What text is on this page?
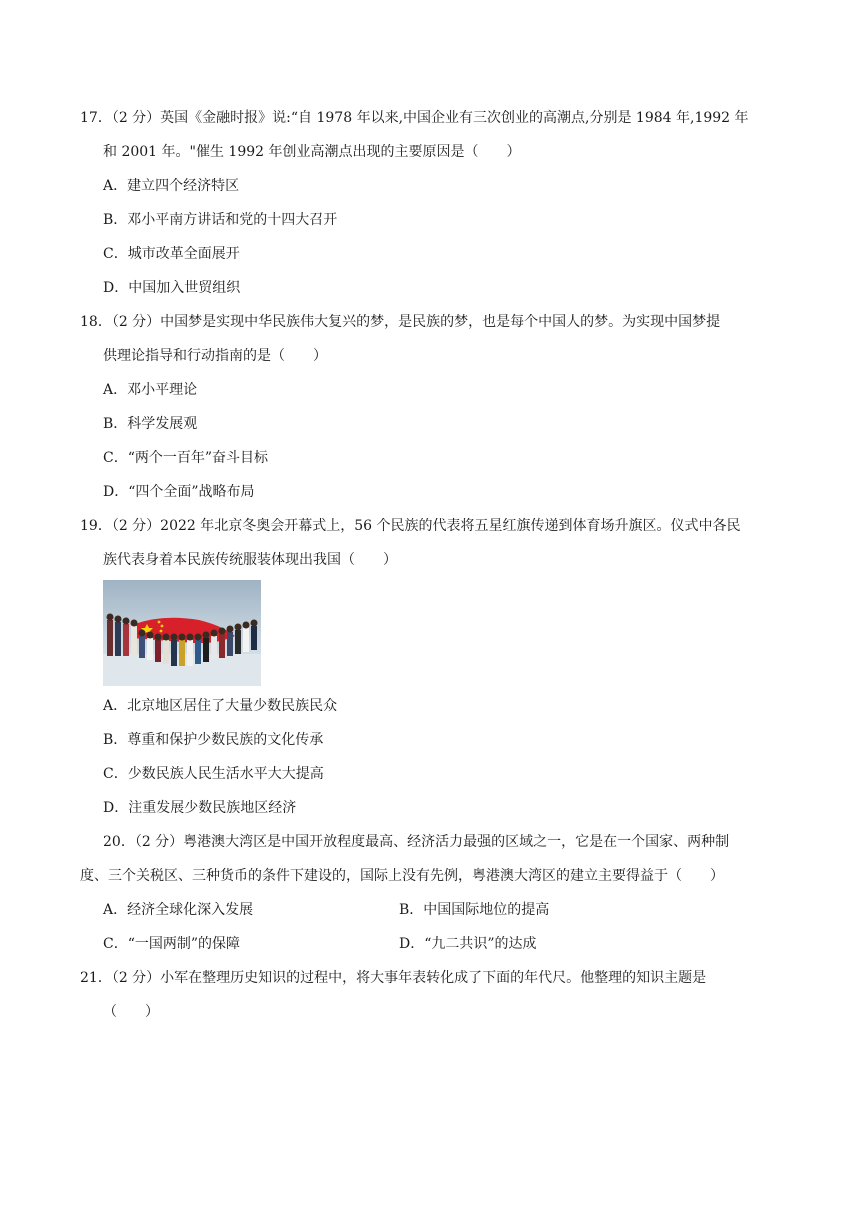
17．（2 分）英国《金融时报》说:“自 1978 年以来,中国企业有三次创业的高潮点,分别是 1984 年,1992 年
和 2001 年。"催生 1992 年创业高潮点出现的主要原因是（　　）
A．建立四个经济特区
B．邓小平南方讲话和党的十四大召开
C．城市改革全面展开
D．中国加入世贸组织
18．（2 分）中国梦是实现中华民族伟大复兴的梦，是民族的梦，也是每个中国人的梦。为实现中国梦提
供理论指导和行动指南的是（　　）
A．邓小平理论
B．科学发展观
C．“两个一百年”奋斗目标
D．“四个全面”战略布局
19．（2 分）2022 年北京冬奥会开幕式上，56 个民族的代表将五星红旗传递到体育场升旗区。仪式中各民
族代表身着本民族传统服装体现出我国（　　）
A．北京地区居住了大量少数民族民众
B．尊重和保护少数民族的文化传承
C．少数民族人民生活水平大大提高
D．注重发展少数民族地区经济
20．（2 分）粤港澳大湾区是中国开放程度最高、经济活力最强的区域之一，它是在一个国家、两种制
度、三个关税区、三种货币的条件下建设的，国际上没有先例，粤港澳大湾区的建立主要得益于（　　）
A．经济全球化深入发展	B．中国国际地位的提高
C．“一国两制”的保障	D．“九二共识”的达成
21．（2 分）小军在整理历史知识的过程中，将大事年表转化成了下面的年代尺。他整理的知识主题是
（　　）
